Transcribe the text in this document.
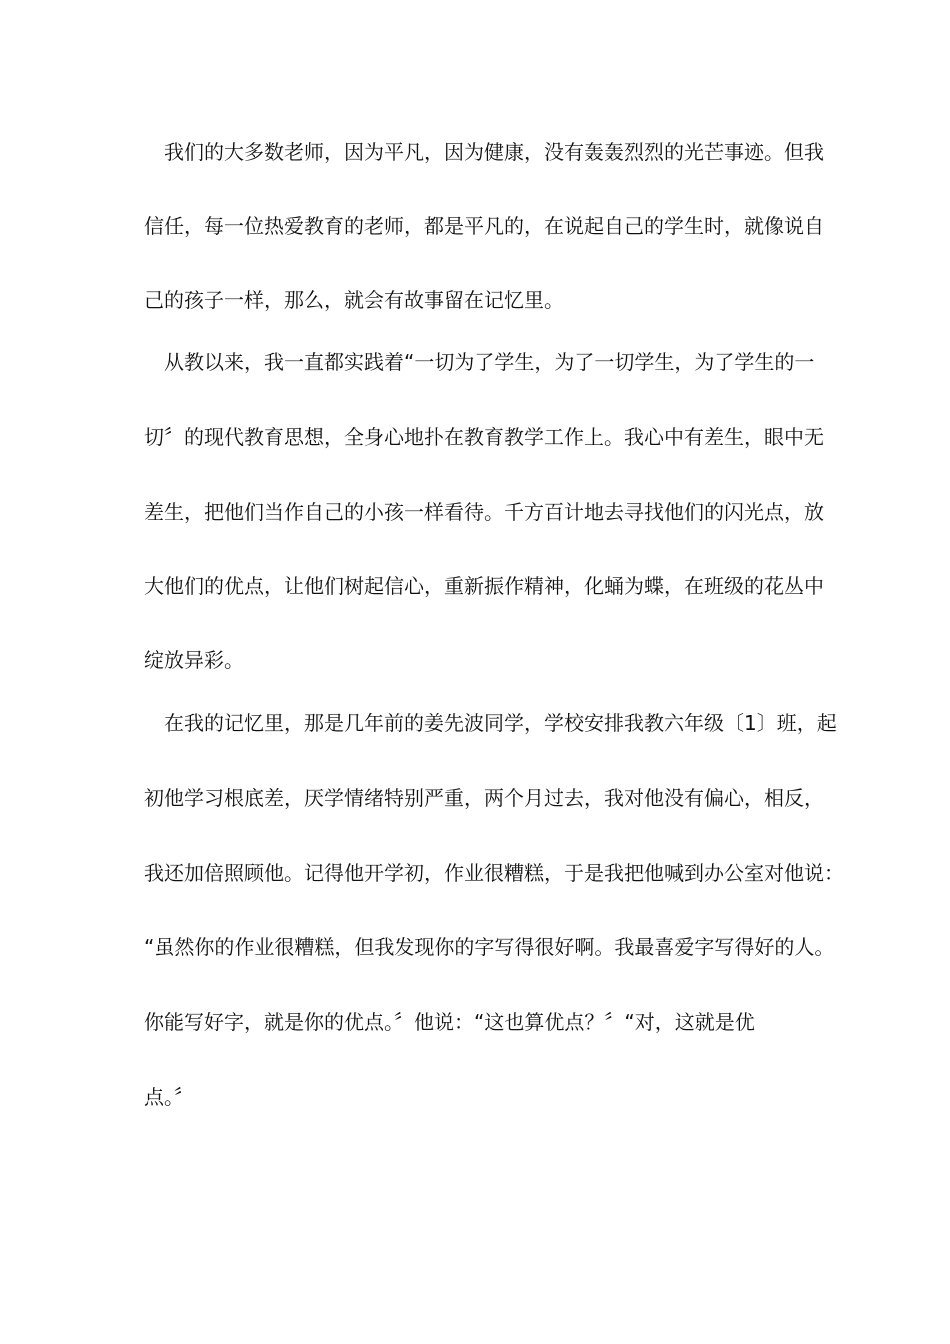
我们的大多数老师，因为平凡，因为健康，没有轰轰烈烈的光芒事迹。但我
信任，每一位热爱教育的老师，都是平凡的，在说起自己的学生时，就像说自
己的孩子一样，那么，就会有故事留在记忆里。
从教以来，我一直都实践着“一切为了学生，为了一切学生，为了学生的一
切〞的现代教育思想，全身心地扑在教育教学工作上。我心中有差生，眼中无
差生，把他们当作自己的小孩一样看待。千方百计地去寻找他们的闪光点，放
大他们的优点，让他们树起信心，重新振作精神，化蛹为蝶，在班级的花丛中
绽放异彩。
在我的记忆里，那是几年前的姜先波同学，学校安排我教六年级〔1〕班，起
初他学习根底差，厌学情绪特别严重，两个月过去，我对他没有偏心，相反，
我还加倍照顾他。记得他开学初，作业很糟糕，于是我把他喊到办公室对他说：
“虽然你的作业很糟糕，但我发现你的字写得很好啊。我最喜爱字写得好的人。
你能写好字，就是你的优点。〞他说：“这也算优点？〞“对，这就是优
点。〞
